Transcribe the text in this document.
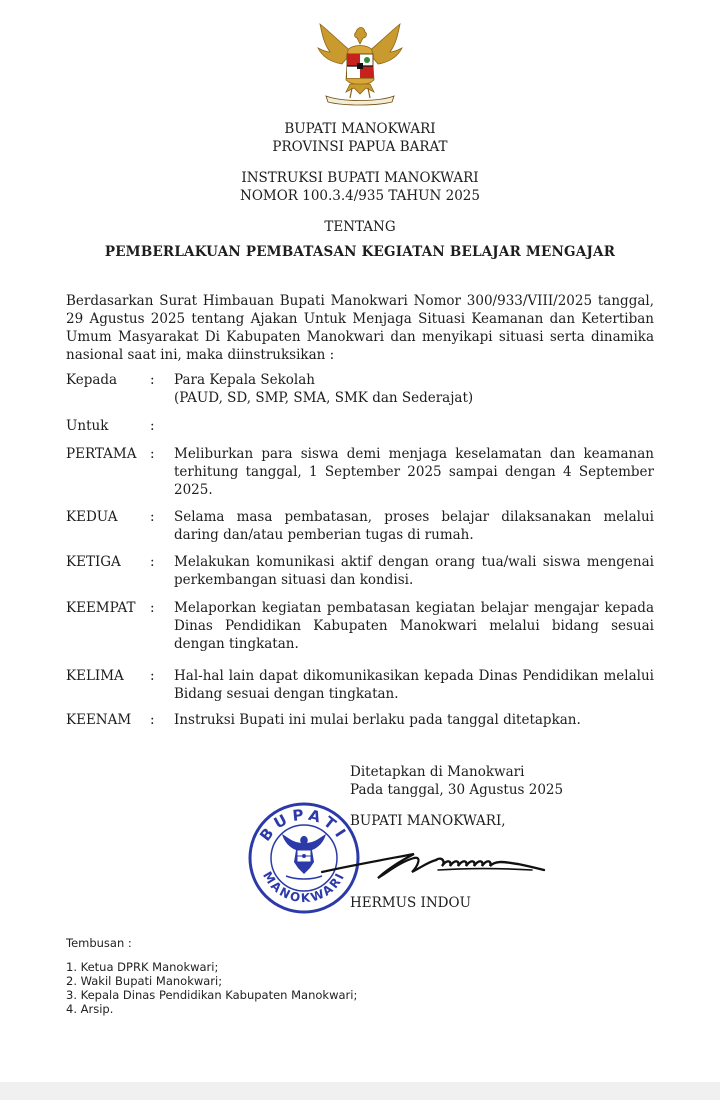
BUPATI MANOKWARI
PROVINSI PAPUA BARAT
INSTRUKSI BUPATI MANOKWARI
NOMOR 100.3.4/935 TAHUN 2025
TENTANG
PEMBERLAKUAN PEMBATASAN KEGIATAN BELAJAR MENGAJAR
Berdasarkan Surat Himbauan Bupati Manokwari Nomor 300/933/VIII/2025 tanggal, 29 Agustus 2025 tentang Ajakan Untuk Menjaga Situasi Keamanan dan Ketertiban Umum Masyarakat Di Kabupaten Manokwari dan menyikapi situasi serta dinamika nasional saat ini, maka diinstruksikan :
Kepada	:	Para Kepala Sekolah
(PAUD, SD, SMP, SMA, SMK dan Sederajat)
Untuk	:
PERTAMA	:	Meliburkan para siswa demi menjaga keselamatan dan keamanan terhitung tanggal, 1 September 2025 sampai dengan 4 September 2025.
KEDUA	:	Selama masa pembatasan, proses belajar dilaksanakan melalui daring dan/atau pemberian tugas di rumah.
KETIGA	:	Melakukan komunikasi aktif dengan orang tua/wali siswa mengenai perkembangan situasi dan kondisi.
KEEMPAT	:	Melaporkan kegiatan pembatasan kegiatan belajar mengajar kepada Dinas Pendidikan Kabupaten Manokwari melalui bidang sesuai dengan tingkatan.
KELIMA	:	Hal-hal lain dapat dikomunikasikan kepada Dinas Pendidikan melalui Bidang sesuai dengan tingkatan.
KEENAM	:	Instruksi Bupati ini mulai berlaku pada tanggal ditetapkan.
Ditetapkan di Manokwari
Pada tanggal, 30 Agustus 2025
BUPATI MANOKWARI,
BUPATI
MANOKWARI
HERMUS INDOU
Tembusan :
1. Ketua DPRK Manokwari;
2. Wakil Bupati Manokwari;
3. Kepala Dinas Pendidikan Kabupaten Manokwari;
4. Arsip.
